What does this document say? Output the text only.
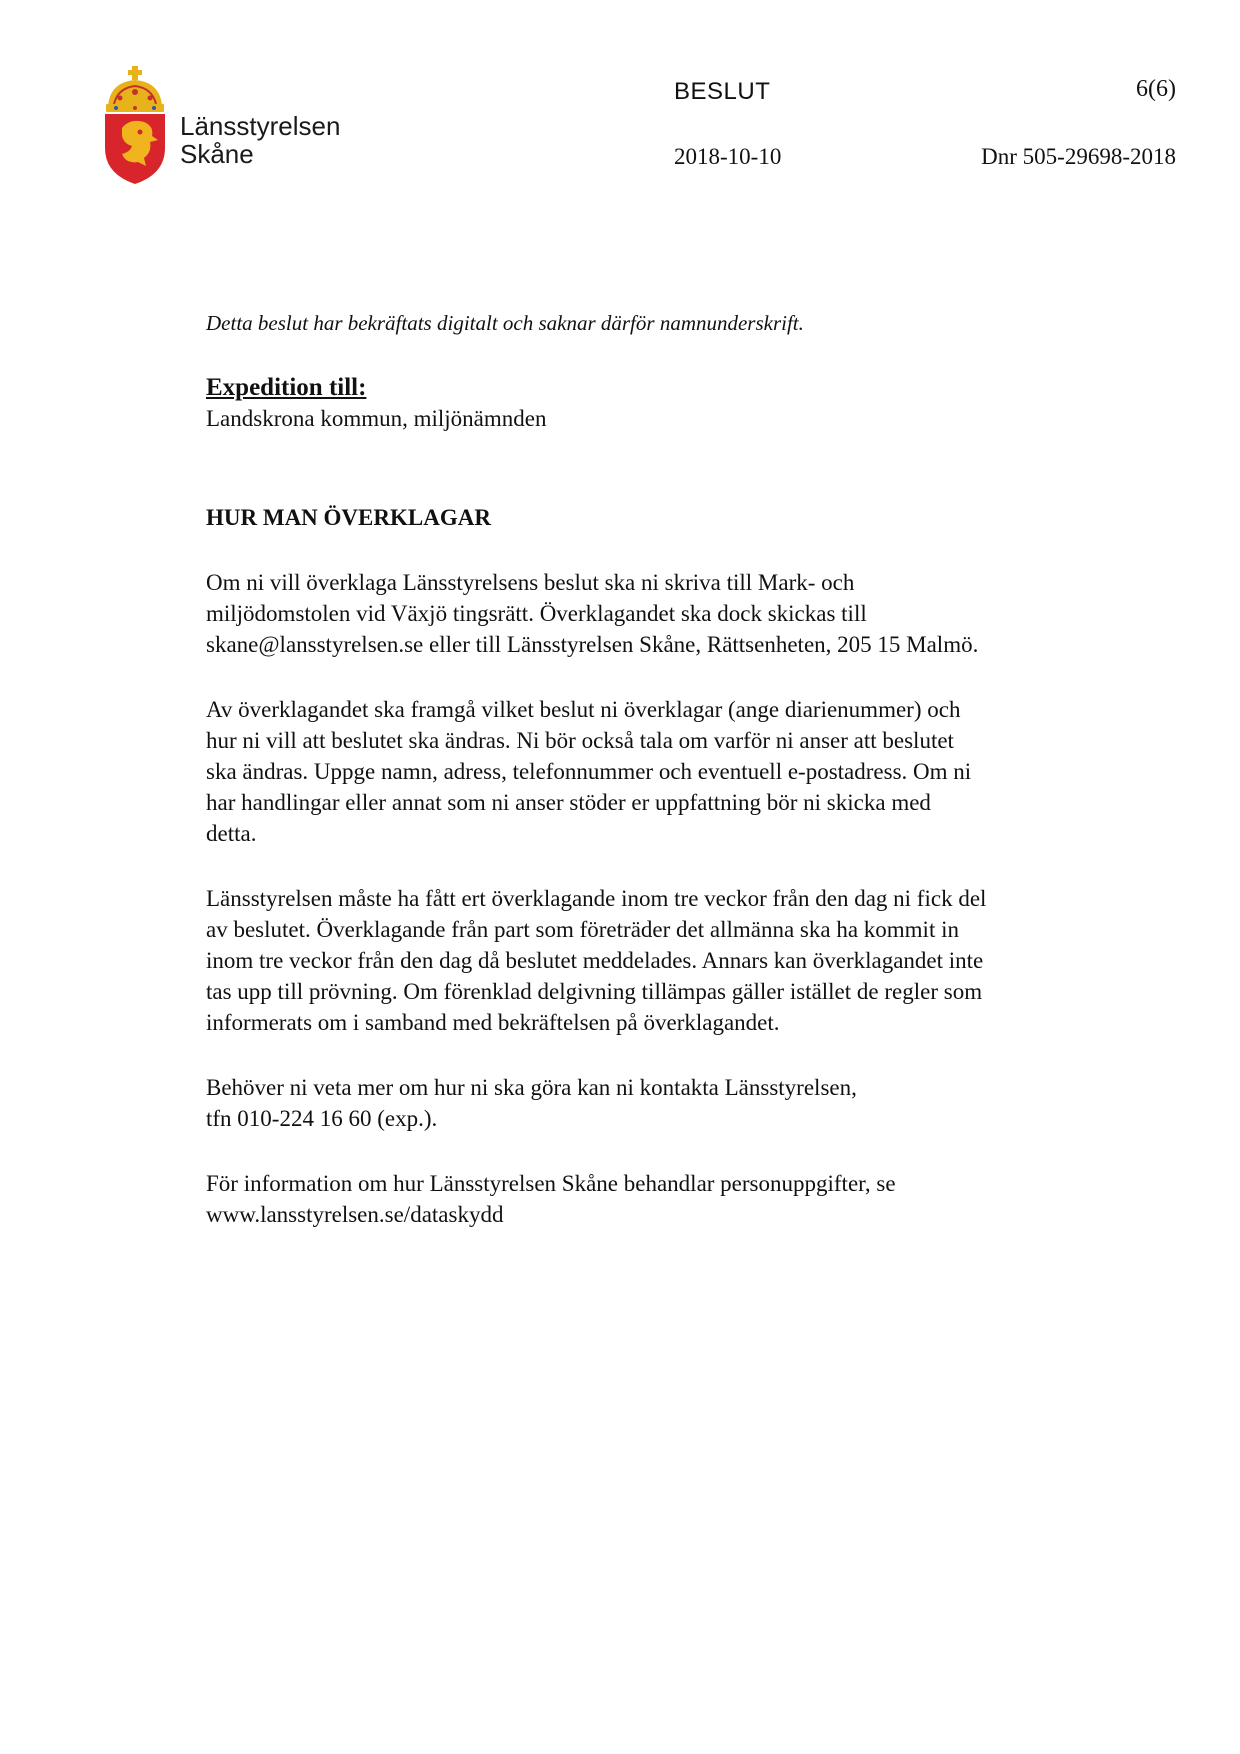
Länsstyrelsen
Skåne
BESLUT	6(6)
2018-10-10	Dnr 505-29698-2018

Detta beslut har bekräftats digitalt och saknar därför namnunderskrift.

Expedition till:

Landskrona kommun, miljönämnden

HUR MAN ÖVERKLAGAR

Om ni vill överklaga Länsstyrelsens beslut ska ni skriva till Mark- och

miljödomstolen vid Växjö tingsrätt. Överklagandet ska dock skickas till

skane@lansstyrelsen.se eller till Länsstyrelsen Skåne, Rättsenheten, 205 15 Malmö.

Av överklagandet ska framgå vilket beslut ni överklagar (ange diarienummer) och

hur ni vill att beslutet ska ändras. Ni bör också tala om varför ni anser att beslutet

ska ändras. Uppge namn, adress, telefonnummer och eventuell e-postadress. Om ni

har handlingar eller annat som ni anser stöder er uppfattning bör ni skicka med

detta.

Länsstyrelsen måste ha fått ert överklagande inom tre veckor från den dag ni fick del

av beslutet. Överklagande från part som företräder det allmänna ska ha kommit in

inom tre veckor från den dag då beslutet meddelades. Annars kan överklagandet inte

tas upp till prövning. Om förenklad delgivning tillämpas gäller istället de regler som

informerats om i samband med bekräftelsen på överklagandet.

Behöver ni veta mer om hur ni ska göra kan ni kontakta Länsstyrelsen,

tfn 010-224 16 60 (exp.).

För information om hur Länsstyrelsen Skåne behandlar personuppgifter, se

www.lansstyrelsen.se/dataskydd
